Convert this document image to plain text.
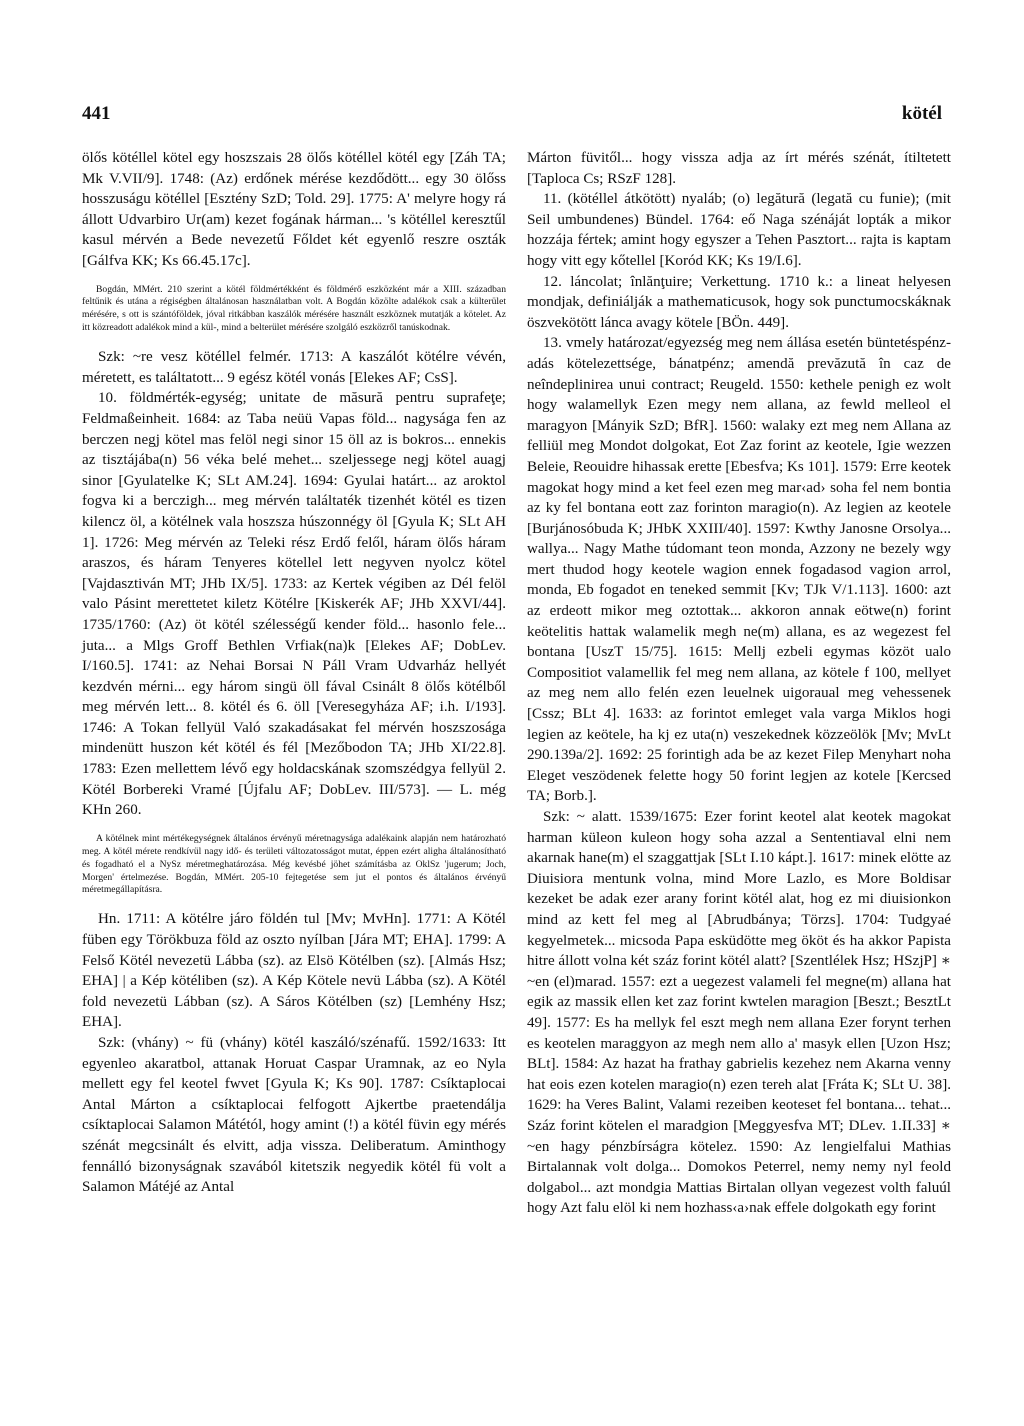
441	kötél

ölős kötéllel kötel egy hoszszais 28 ölős kötéllel kötél egy [Záh TA; Mk V.VII/9]. 1748: (Az) erdőnek mérése kezdődött... egy 30 ölőss hosszuságu kötéllel [Esztény SzD; Told. 29]. 1775: A' melyre hogy rá állott Udvarbiro Ur(am) kezet fogának hárman... 's kötéllel keresztűl kasul mérvén a Bede nevezetű Főldet két egyenlő reszre oszták [Gálfva KK; Ks 66.45.17c].

Bogdán, MMért. 210 szerint a kötél földmértékként és földmérő eszközként már a XIII. században feltűnik és utána a régiségben általánosan használatban volt. A Bogdán közölte adalékok csak a külterület mérésére, s ott is szántóföldek, jóval ritkábban kaszálók mérésére használt eszköznek mutatják a kötelet. Az itt közreadott adalékok mind a kül-, mind a belterület mérésére szolgáló eszközről tanúskodnak.

Szk: ~re vesz kötéllel felmér. 1713: A kaszálót kötélre vévén, méretett, es találtatott... 9 egész kötél vonás [Elekes AF; CsS].

10. földmérték-egység; unitate de măsură pentru suprafeţe; Feldmaßeinheit. 1684: az Taba neüü Vapas föld... nagysága fen az berczen negj kötel mas felöl negi sinor 15 öll az is bokros... ennekis az tisztájába(n) 56 véka belé mehet... szeljessege negj kötel auagj sinor [Gyulatelke K; SLt AM.24]. 1694: Gyulai határt... az aroktol fogva ki a berczigh... meg mérvén találtaték tizenhét kötél es tizen kilencz öl, a kötélnek vala hoszsza húszonnégy öl [Gyula K; SLt AH 1]. 1726: Meg mérvén az Teleki rész Erdő felől, háram ölős háram araszos, és háram Tenyeres kötellel lett negyven nyolcz kötel [Vajdasztiván MT; JHb IX/5]. 1733: az Kertek végiben az Dél felöl valo Pásint merettetet kiletz Kötélre [Kiskerék AF; JHb XXVI/44]. 1735/1760: (Az) öt kötél szélességű kender föld... hasonlo fele... juta... a Mlgs Groff Bethlen Vrfiak(na)k [Elekes AF; DobLev. I/160.5]. 1741: az Nehai Borsai N Páll Vram Udvarház hellyét kezdvén mérni... egy három singü öll fával Csinált 8 ölős kötélből meg mérvén lett... 8. kötél és 6. öll [Veresegyháza AF; i.h. I/193]. 1746: A Tokan fellyül Való szakadásakat fel mérvén hoszszosága mindenütt huszon két kötél és fél [Mezőbodon TA; JHb XI/22.8]. 1783: Ezen mellettem lévő egy holdacskának szomszédgya fellyül 2. Kötél Borbereki Vramé [Újfalu AF; DobLev. III/573]. — L. még KHn 260.

A kötélnek mint mértékegységnek általános érvényű méretnagysága adalékaink alapján nem határozható meg. A kötél mérete rendkívül nagy idő- és területi változatosságot mutat, éppen ezért aligha általánosítható és fogadható el a NySz méretmeghatározása. Még kevésbé jöhet számításba az OklSz 'jugerum; Joch, Morgen' értelmezése. Bogdán, MMért. 205-10 fejtegetése sem jut el pontos és általános érvényű méretmegállapításra.

Hn. 1711: A kötélre járo földén tul [Mv; MvHn]. 1771: A Kötél füben egy Törökbuza föld az oszto nyílban [Jára MT; EHA]. 1799: A Felső Kötél nevezetü Lábba (sz). az Elsö Kötélben (sz). [Almás Hsz; EHA] | a Kép kötéliben (sz). A Kép Kötele nevü Lábba (sz). A Kötél fold nevezetü Lábban (sz). A Sáros Kötélben (sz) [Lemhény Hsz; EHA].

Szk: (vhány) ~ fü (vhány) kötél kaszáló/szénafű. 1592/1633: Itt egyenleo akaratbol, attanak Horuat Caspar Uramnak, az eo Nyla mellett egy fel keotel fwvet [Gyula K; Ks 90]. 1787: Csíktaplocai Antal Márton a csíktaplocai felfogott Ajkertbe praetendálja csíktaplocai Salamon Mátétól, hogy amint (!) a kötél füvin egy mérés szénát megcsinált és elvitt, adja vissza. Deliberatum. Aminthogy fennálló bizonyságnak szavából kitetszik negyedik kötél fü volt a Salamon Mátéjé az Antal

Márton füvitől... hogy vissza adja az írt mérés szénát, ítiltetett [Taploca Cs; RSzF 128].

11. (kötéllel átkötött) nyaláb; (o) legătură (legată cu funie); (mit Seil umbundenes) Bündel. 1764: eő Naga szénáját lopták a mikor hozzája fértek; amint hogy egyszer a Tehen Pasztort... rajta is kaptam hogy vitt egy kőtellel [Koród KK; Ks 19/I.6].

12. láncolat; înlănţuire; Verkettung. 1710 k.: a lineat helyesen mondjak, definiálják a mathematicusok, hogy sok punctumocskáknak öszvekötött lánca avagy kötele [BÖn. 449].

13. vmely határozat/egyezség meg nem állása esetén büntetéspénz-adás kötelezettsége, bánatpénz; amendă prevăzută în caz de neîndeplinirea unui contract; Reugeld. 1550: kethele penigh ez wolt hogy walamellyk Ezen megy nem allana, az fewld melleol el maragyon [Mányik SzD; BfR]. 1560: walaky ezt meg nem Allana az felliül meg Mondot dolgokat, Eot Zaz forint az keotele, Igie wezzen Beleie, Reouidre hihassak erette [Ebesfva; Ks 101]. 1579: Erre keotek magokat hogy mind a ket feel ezen meg mar‹ad› soha fel nem bontia az ky fel bontana eott zaz forinton maragio(n). Az legien az keotele [Burjánosóbuda K; JHbK XXIII/40]. 1597: Kwthy Janosne Orsolya... wallya... Nagy Mathe túdomant teon monda, Azzony ne bezely wgy mert thudod hogy keotele wagion ennek fogadasod vagion arrol, monda, Eb fogadot en teneked semmit [Kv; TJk V/1.113]. 1600: azt az erdeott mikor meg oztottak... akkoron annak eötwe(n) forint keötelitis hattak walamelik megh ne(m) allana, es az wegezest fel bontana [UszT 15/75]. 1615: Mellj ezbeli egymas közöt ualo Compositiot valamellik fel meg nem allana, az kötele f 100, mellyet az meg nem allo felén ezen leuelnek uigoraual meg vehessenek [Cssz; BLt 4]. 1633: az forintot emleget vala varga Miklos hogi legien az keötele, ha kj ez uta(n) veszekednek közzeölök [Mv; MvLt 290.139a/2]. 1692: 25 forintigh ada be az kezet Filep Menyhart noha Eleget veszödenek felette hogy 50 forint legjen az kotele [Kercsed TA; Borb.].

Szk: ~ alatt. 1539/1675: Ezer forint keotel alat keotek magokat harman küleon kuleon hogy soha azzal a Sententiaval elni nem akarnak hane(m) el szaggattjak [SLt I.10 kápt.]. 1617: minek elötte az Diuisiora mentunk volna, mind More Lazlo, es More Boldisar kezeket be adak ezer arany forint kötél alat, hog ez mi diuisionkon mind az kett fel meg al [Abrudbánya; Törzs]. 1704: Tudgyaé kegyelmetek... micsoda Papa esküdötte meg ököt és ha akkor Papista hitre állott volna két száz forint kötél alatt? [Szentlélek Hsz; HSzjP] ∗ ~en (el)marad. 1557: ezt a uegezest valameli fel megne(m) allana hat egik az massik ellen ket zaz forint kwtelen maragion [Beszt.; BesztLt 49]. 1577: Es ha mellyk fel eszt megh nem allana Ezer forynt terhen es keotelen maraggyon az megh nem allo a' masyk ellen [Uzon Hsz; BLt]. 1584: Az hazat ha frathay gabrielis kezehez nem Akarna venny hat eois ezen kotelen maragio(n) ezen tereh alat [Fráta K; SLt U. 38]. 1629: ha Veres Balint, Valami rezeiben keoteset fel bontana... tehat... Száz forint kötelen el maradgion [Meggyesfva MT; DLev. 1.II.33] ∗ ~en hagy pénzbírságra kötelez. 1590: Az lengielfalui Mathias Birtalannak volt dolga... Domokos Peterrel, nemy nemy nyl feold dolgabol... azt mondgia Mattias Birtalan ollyan vegezest volth faluúl hogy Azt falu elöl ki nem hozhass‹a›nak effele dolgokath egy forint
